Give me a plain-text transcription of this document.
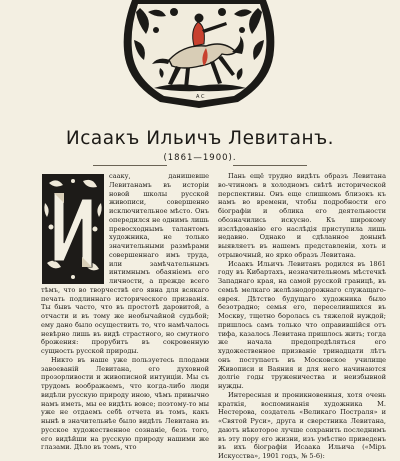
A C
Исаакъ Ильичъ Левитанъ.
(1861—1900).
И

сааку, данишевше Левитанамъ въ исторіи новой школы русской живописи, совершенно исключительное мѣсто. Онъ опередился не однимъ лишь превосходнымъ талантомъ художника, не только значительными размѣрами совершеннаго имъ труда, или замѣчательнымъ интимнымъ обаяніемъ его личности, а прежде всего тѣмъ, что во творчествѣ его явна для всякаго печать подлиннаго исторического призванія. Ты бывъ часто, что въ простотѣ даровитой, а отчасти и въ тому же необычайной судьбой; ему дано было осуществить то, что намѣчалось невѣрно лишь въ видѣ страстного, но смутного брожения: прорубитъ въ сокровенную сущность русской природы.

Никто въ наше уже пользуетесь плодами завоеваній Левитана, его духовной прозорливости и живописной интуиціи. Мы съ трудомъ воображаемъ, что когда-либо люди видѣли русскую природу иною, чѣмъ привычно намъ иметь, мы ее видѣть вовсе; поэтому-то мы уже не отдаемъ себѣ отчета въ томъ, какъ нынѣ в значительнѣе было видѣть Левитана въ русское художественное сознаніе, безъ того, его видѣйши на русскую природу нашими же глазами. Дѣло въ томъ, что

Пань ещё трудно видѣть образъ Левитана во-чтиномъ в холодномъ свѣтѣ исторической перспективы. Онъ еще слишкомъ близокъ къ намъ во времени, чтобы подробности его біографіи и облика его деятельности обозначились искусно. Къ широкому изслѣдованію его наслѣдія приступила лишь недавно. Однако и сдѣланное донынѣ выявляетъ въ нашемъ представленіи, хоть и отрывочный, но ярко образъ Левитана.

Исаакъ Ильичъ Левитанъ родился въ 1861 году въ Кибартахъ, незначительномъ мѣстечкѣ Западнаго края, на самой русской границѣ, въ семьѣ мелкаго желѣзнодорожнаго служащаго-еврея. Дѣтство будущаго художника было безотрадно; семья его, переселившихся въ Москву, тщетно боролась съ тяжелой нуждой; пришлось самъ только что оправившійся отъ тифа, казалось Левитана пришлось жить; тогда же начала предопредѣляться его художественное призваніе тринадцати лѣтъ онъ поступаетъ въ Московское училище Живописи и Ваяния и для него начинаются долгіе годы труженичества и неизбывной нужды.

Интересныя и проникновенныя, хотя очень краткія, воспоминанія художника М. Нестерова, создатель «Великаго Постраля» и «Святой Руси», друга и сверстника Левитана, даютъ нѣкоторое лучше сохранить последнимъ въ эту пору его жизни, изъ умѣстно приведенъ въ ихъ біографіи Исаака Ильича («Міръ Искусства», 1901 годъ, № 5-6):
